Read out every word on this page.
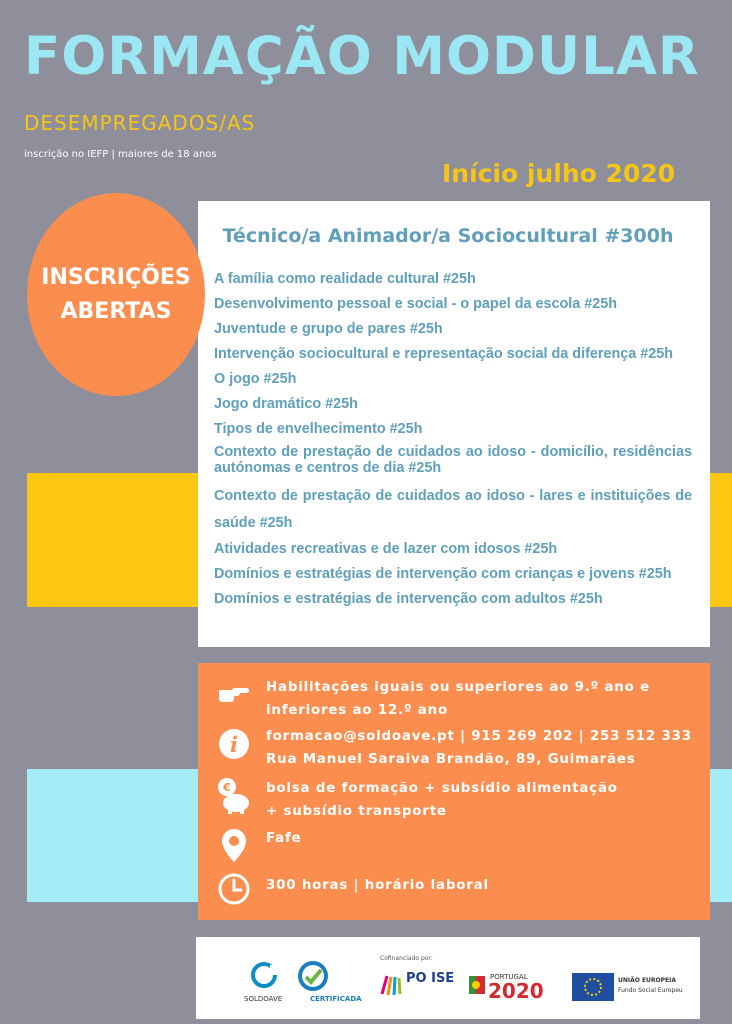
FORMAÇÃO MODULAR
DESEMPREGADOS/AS
inscrição no IEFP | maiores de 18 anos
Início julho 2020
INSCRIÇÕES
ABERTAS
Técnico/a Animador/a Sociocultural #300h
A família como realidade cultural #25h
Desenvolvimento pessoal e social - o papel da escola #25h
Juventude e grupo de pares #25h
Intervenção sociocultural e representação social da diferença #25h
O jogo #25h
Jogo dramático #25h
Tipos de envelhecimento #25h
Contexto de prestação de cuidados ao idoso - domicílio, residências autónomas e centros de dia #25h
Contexto de prestação de cuidados ao idoso - lares e instituições de saúde #25h
Atividades recreativas e de lazer com idosos #25h
Domínios e estratégias de intervenção com crianças e jovens #25h
Domínios e estratégias de intervenção com adultos #25h
Habilitações iguais ou superiores ao 9.º ano e
inferiores ao 12.º ano
i formacao@soldoave.pt | 915 269 202 | 253 512 333
Rua Manuel Saraiva Brandão, 89, Guimarães
€	bolsa de formação + subsídio alimentação
+ subsídio transporte
Fafe
300 horas | horário laboral
SOLDOAVE	CERTIFICADA
Cofinanciado por:
PO ISE	PORTUGAL
2020	UNIÃO EUROPEIA
Fundo Social Europeu
